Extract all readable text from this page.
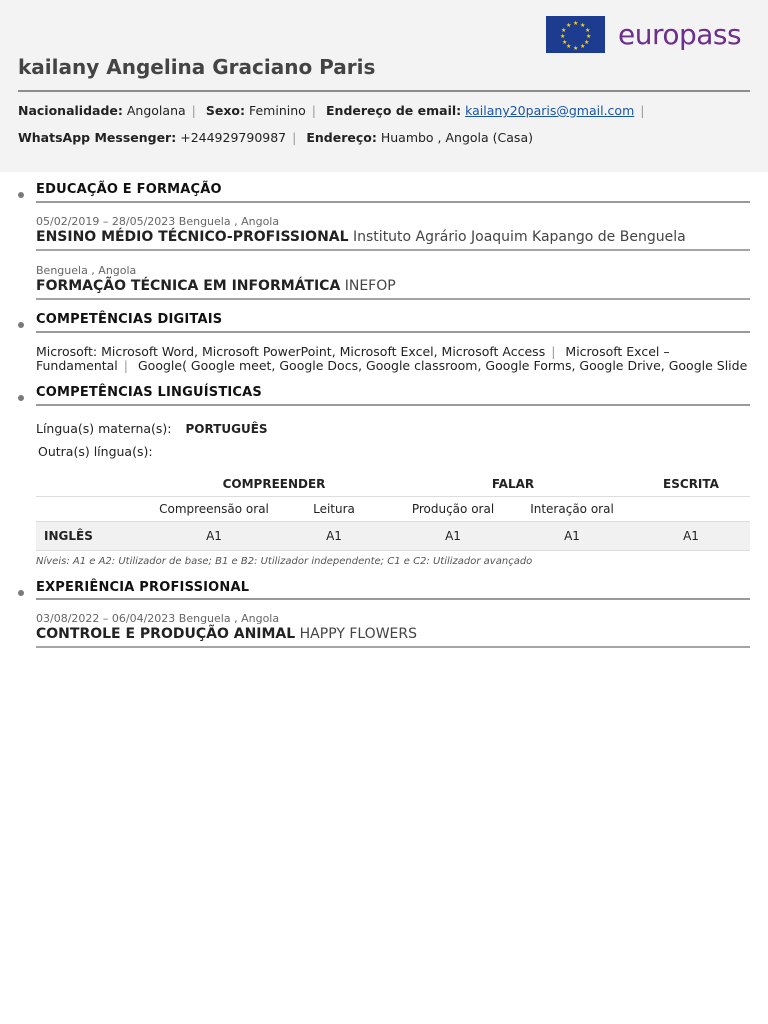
★ ★
★
★
★
★
★
★
★
★
★
★ europass
kailany Angelina Graciano Paris
Nacionalidade: Angolana | Sexo: Feminino | Endereço de email: kailany20paris@gmail.com |
WhatsApp Messenger: +244929790987 | Endereço: Huambo , Angola (Casa)
EDUCAÇÃO E FORMAÇÃO
05/02/2019 – 28/05/2023 Benguela , Angola
ENSINO MÉDIO TÉCNICO-PROFISSIONAL Instituto Agrário Joaquim Kapango de Benguela
Benguela , Angola
FORMAÇÃO TÉCNICA EM INFORMÁTICA INEFOP
COMPETÊNCIAS DIGITAIS
Microsoft: Microsoft Word, Microsoft PowerPoint, Microsoft Excel, Microsoft Access | Microsoft Excel – Fundamental | Google( Google meet, Google Docs, Google classroom, Google Forms, Google Drive, Google Slide
COMPETÊNCIAS LINGUÍSTICAS
Língua(s) materna(s): PORTUGUÊS
Outra(s) língua(s):
	COMPREENDER		FALAR		ESCRITA
	Compreensão oral	Leitura	Produção oral	Interação oral	
INGLÊS	A1	A1	A1	A1	A1
Níveis: A1 e A2: Utilizador de base; B1 e B2: Utilizador independente; C1 e C2: Utilizador avançado
EXPERIÊNCIA PROFISSIONAL
03/08/2022 – 06/04/2023 Benguela , Angola
CONTROLE E PRODUÇÃO ANIMAL HAPPY FLOWERS
